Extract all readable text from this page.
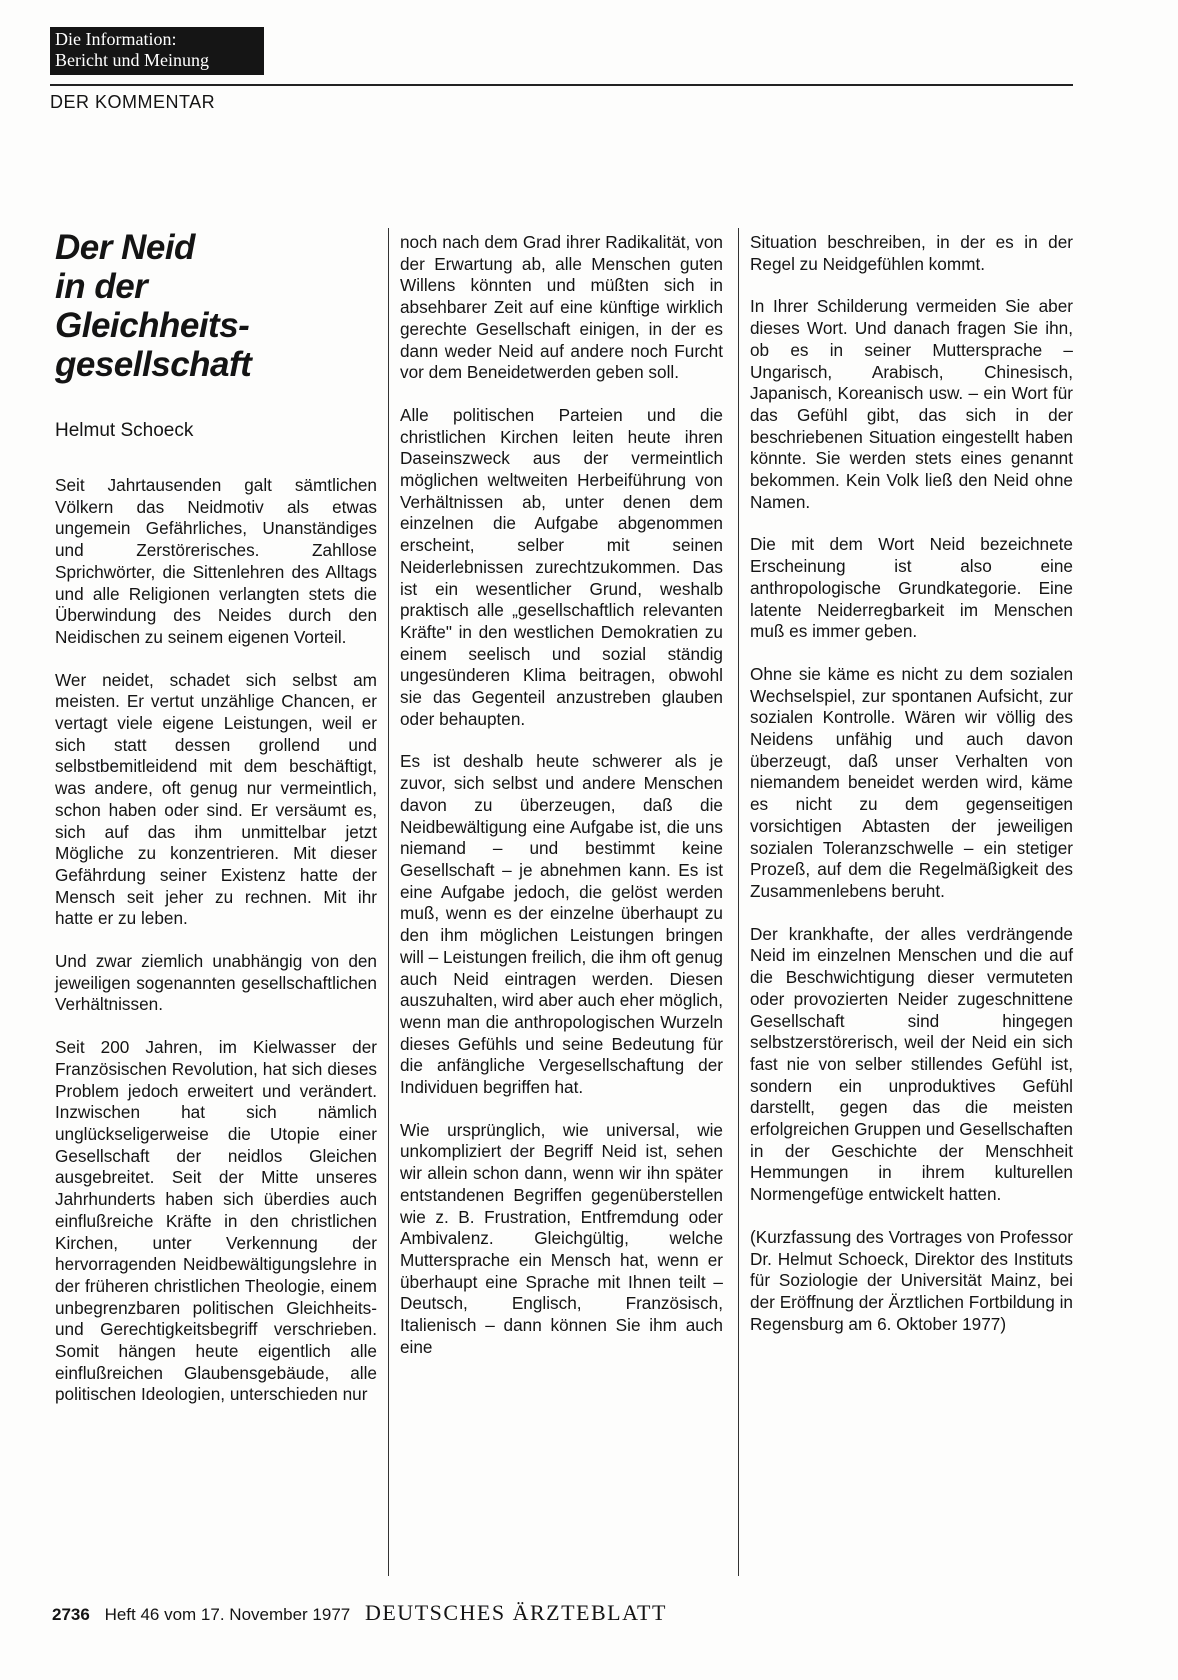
Die Information:
Bericht und Meinung
DER KOMMENTAR
Der Neid
in der
Gleichheits-
gesellschaft
Helmut Schoeck

Seit Jahrtausenden galt sämtlichen Völkern das Neidmotiv als etwas ungemein Gefährliches, Unanständiges und Zerstörerisches. Zahllose Sprichwörter, die Sittenlehren des Alltags und alle Religionen verlangten stets die Überwindung des Neides durch den Neidischen zu seinem eigenen Vorteil.

Wer neidet, schadet sich selbst am meisten. Er vertut unzählige Chancen, er vertagt viele eigene Leistungen, weil er sich statt dessen grollend und selbstbemitleidend mit dem beschäftigt, was andere, oft genug nur vermeintlich, schon haben oder sind. Er versäumt es, sich auf das ihm unmittelbar jetzt Mögliche zu konzentrieren. Mit dieser Gefährdung seiner Existenz hatte der Mensch seit jeher zu rechnen. Mit ihr hatte er zu leben.

Und zwar ziemlich unabhängig von den jeweiligen sogenannten gesellschaftlichen Verhältnissen.

Seit 200 Jahren, im Kielwasser der Französischen Revolution, hat sich dieses Problem jedoch erweitert und verändert. Inzwischen hat sich nämlich unglückseligerweise die Utopie einer Gesellschaft der neidlos Gleichen ausgebreitet. Seit der Mitte unseres Jahrhunderts haben sich überdies auch einflußreiche Kräfte in den christlichen Kirchen, unter Verkennung der hervorragenden Neidbewältigungslehre in der früheren christlichen Theologie, einem unbegrenzbaren politischen Gleichheits- und Gerechtigkeitsbegriff verschrieben. Somit hängen heute eigentlich alle einflußreichen Glaubensgebäude, alle politischen Ideologien, unterschieden nur

noch nach dem Grad ihrer Radikalität, von der Erwartung ab, alle Menschen guten Willens könnten und müßten sich in absehbarer Zeit auf eine künftige wirklich gerechte Gesellschaft einigen, in der es dann weder Neid auf andere noch Furcht vor dem Beneidetwerden geben soll.

Alle politischen Parteien und die christlichen Kirchen leiten heute ihren Daseinszweck aus der vermeintlich möglichen weltweiten Herbeiführung von Verhältnissen ab, unter denen dem einzelnen die Aufgabe abgenommen erscheint, selber mit seinen Neiderlebnissen zurechtzukommen. Das ist ein wesentlicher Grund, weshalb praktisch alle „gesellschaftlich relevanten Kräfte" in den westlichen Demokratien zu einem seelisch und sozial ständig ungesünderen Klima beitragen, obwohl sie das Gegenteil anzustreben glauben oder behaupten.

Es ist deshalb heute schwerer als je zuvor, sich selbst und andere Menschen davon zu überzeugen, daß die Neidbewältigung eine Aufgabe ist, die uns niemand – und bestimmt keine Gesellschaft – je abnehmen kann. Es ist eine Aufgabe jedoch, die gelöst werden muß, wenn es der einzelne überhaupt zu den ihm möglichen Leistungen bringen will – Leistungen freilich, die ihm oft genug auch Neid eintragen werden. Diesen auszuhalten, wird aber auch eher möglich, wenn man die anthropologischen Wurzeln dieses Gefühls und seine Bedeutung für die anfängliche Vergesellschaftung der Individuen begriffen hat.

Wie ursprünglich, wie universal, wie unkompliziert der Begriff Neid ist, sehen wir allein schon dann, wenn wir ihn später entstandenen Begriffen gegenüberstellen wie z. B. Frustration, Entfremdung oder Ambivalenz. Gleichgültig, welche Muttersprache ein Mensch hat, wenn er überhaupt eine Sprache mit Ihnen teilt – Deutsch, Englisch, Französisch, Italienisch – dann können Sie ihm auch eine

Situation beschreiben, in der es in der Regel zu Neidgefühlen kommt.

In Ihrer Schilderung vermeiden Sie aber dieses Wort. Und danach fragen Sie ihn, ob es in seiner Muttersprache – Ungarisch, Arabisch, Chinesisch, Japanisch, Koreanisch usw. – ein Wort für das Gefühl gibt, das sich in der beschriebenen Situation eingestellt haben könnte. Sie werden stets eines genannt bekommen. Kein Volk ließ den Neid ohne Namen.

Die mit dem Wort Neid bezeichnete Erscheinung ist also eine anthropologische Grundkategorie. Eine latente Neiderregbarkeit im Menschen muß es immer geben.

Ohne sie käme es nicht zu dem sozialen Wechselspiel, zur spontanen Aufsicht, zur sozialen Kontrolle. Wären wir völlig des Neidens unfähig und auch davon überzeugt, daß unser Verhalten von niemandem beneidet werden wird, käme es nicht zu dem gegenseitigen vorsichtigen Abtasten der jeweiligen sozialen Toleranzschwelle – ein stetiger Prozeß, auf dem die Regelmäßigkeit des Zusammenlebens beruht.

Der krankhafte, der alles verdrängende Neid im einzelnen Menschen und die auf die Beschwichtigung dieser vermuteten oder provozierten Neider zugeschnittene Gesellschaft sind hingegen selbstzerstörerisch, weil der Neid ein sich fast nie von selber stillendes Gefühl ist, sondern ein unproduktives Gefühl darstellt, gegen das die meisten erfolgreichen Gruppen und Gesellschaften in der Geschichte der Menschheit Hemmungen in ihrem kulturellen Normengefüge entwickelt hatten.

(Kurzfassung des Vortrages von Professor Dr. Helmut Schoeck, Direktor des Instituts für Soziologie der Universität Mainz, bei der Eröffnung der Ärztlichen Fortbildung in Regensburg am 6. Oktober 1977)

2736 Heft 46 vom 17. November 1977 DEUTSCHES ÄRZTEBLATT
